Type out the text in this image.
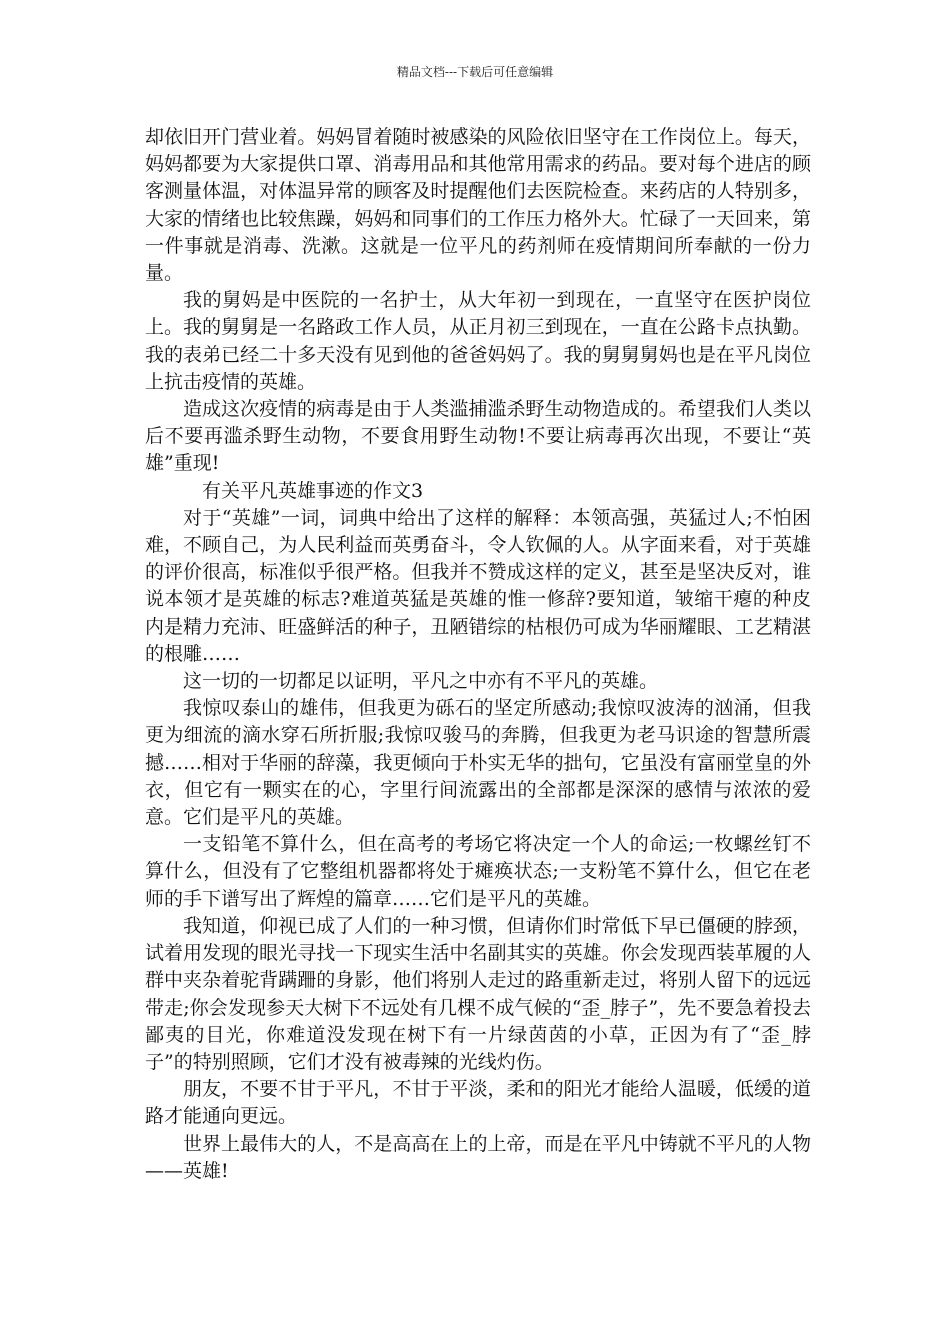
精品文档---下载后可任意编辑

却依旧开门营业着。妈妈冒着随时被感染的风险依旧坚守在工作岗位上。每天，妈妈都要为大家提供口罩、消毒用品和其他常用需求的药品。要对每个进店的顾客测量体温，对体温异常的顾客及时提醒他们去医院检查。来药店的人特别多，大家的情绪也比较焦躁，妈妈和同事们的工作压力格外大。忙碌了一天回来，第一件事就是消毒、洗漱。这就是一位平凡的药剂师在疫情期间所奉献的一份力量。

我的舅妈是中医院的一名护士，从大年初一到现在，一直坚守在医护岗位上。我的舅舅是一名路政工作人员，从正月初三到现在，一直在公路卡点执勤。我的表弟已经二十多天没有见到他的爸爸妈妈了。我的舅舅舅妈也是在平凡岗位上抗击疫情的英雄。

造成这次疫情的病毒是由于人类滥捕滥杀野生动物造成的。希望我们人类以后不要再滥杀野生动物，不要食用野生动物!不要让病毒再次出现，不要让“英雄”重现!

有关平凡英雄事迹的作文3

对于“英雄”一词，词典中给出了这样的解释：本领高强，英猛过人;不怕困难，不顾自己，为人民利益而英勇奋斗，令人钦佩的人。从字面来看，对于英雄的评价很高，标准似乎很严格。但我并不赞成这样的定义，甚至是坚决反对，谁说本领才是英雄的标志?难道英猛是英雄的惟一修辞?要知道，皱缩干瘪的种皮内是精力充沛、旺盛鲜活的种子，丑陋错综的枯根仍可成为华丽耀眼、工艺精湛的根雕……

这一切的一切都足以证明，平凡之中亦有不平凡的英雄。

我惊叹泰山的雄伟，但我更为砾石的坚定所感动;我惊叹波涛的汹涌，但我更为细流的滴水穿石所折服;我惊叹骏马的奔腾，但我更为老马识途的智慧所震撼……相对于华丽的辞藻，我更倾向于朴实无华的拙句，它虽没有富丽堂皇的外衣，但它有一颗实在的心，字里行间流露出的全部都是深深的感情与浓浓的爱意。它们是平凡的英雄。

一支铅笔不算什么，但在高考的考场它将决定一个人的命运;一枚螺丝钉不算什么，但没有了它整组机器都将处于瘫痪状态;一支粉笔不算什么，但它在老师的手下谱写出了辉煌的篇章……它们是平凡的英雄。

我知道，仰视已成了人们的一种习惯，但请你们时常低下早已僵硬的脖颈，试着用发现的眼光寻找一下现实生活中名副其实的英雄。你会发现西装革履的人群中夹杂着驼背蹒跚的身影，他们将别人走过的路重新走过，将别人留下的远远带走;你会发现参天大树下不远处有几棵不成气候的“歪_脖子”，先不要急着投去鄙夷的目光，你难道没发现在树下有一片绿茵茵的小草，正因为有了“歪_脖子”的特别照顾，它们才没有被毒辣的光线灼伤。

朋友，不要不甘于平凡，不甘于平淡，柔和的阳光才能给人温暖，低缓的道路才能通向更远。

世界上最伟大的人，不是高高在上的上帝，而是在平凡中铸就不平凡的人物——英雄!
